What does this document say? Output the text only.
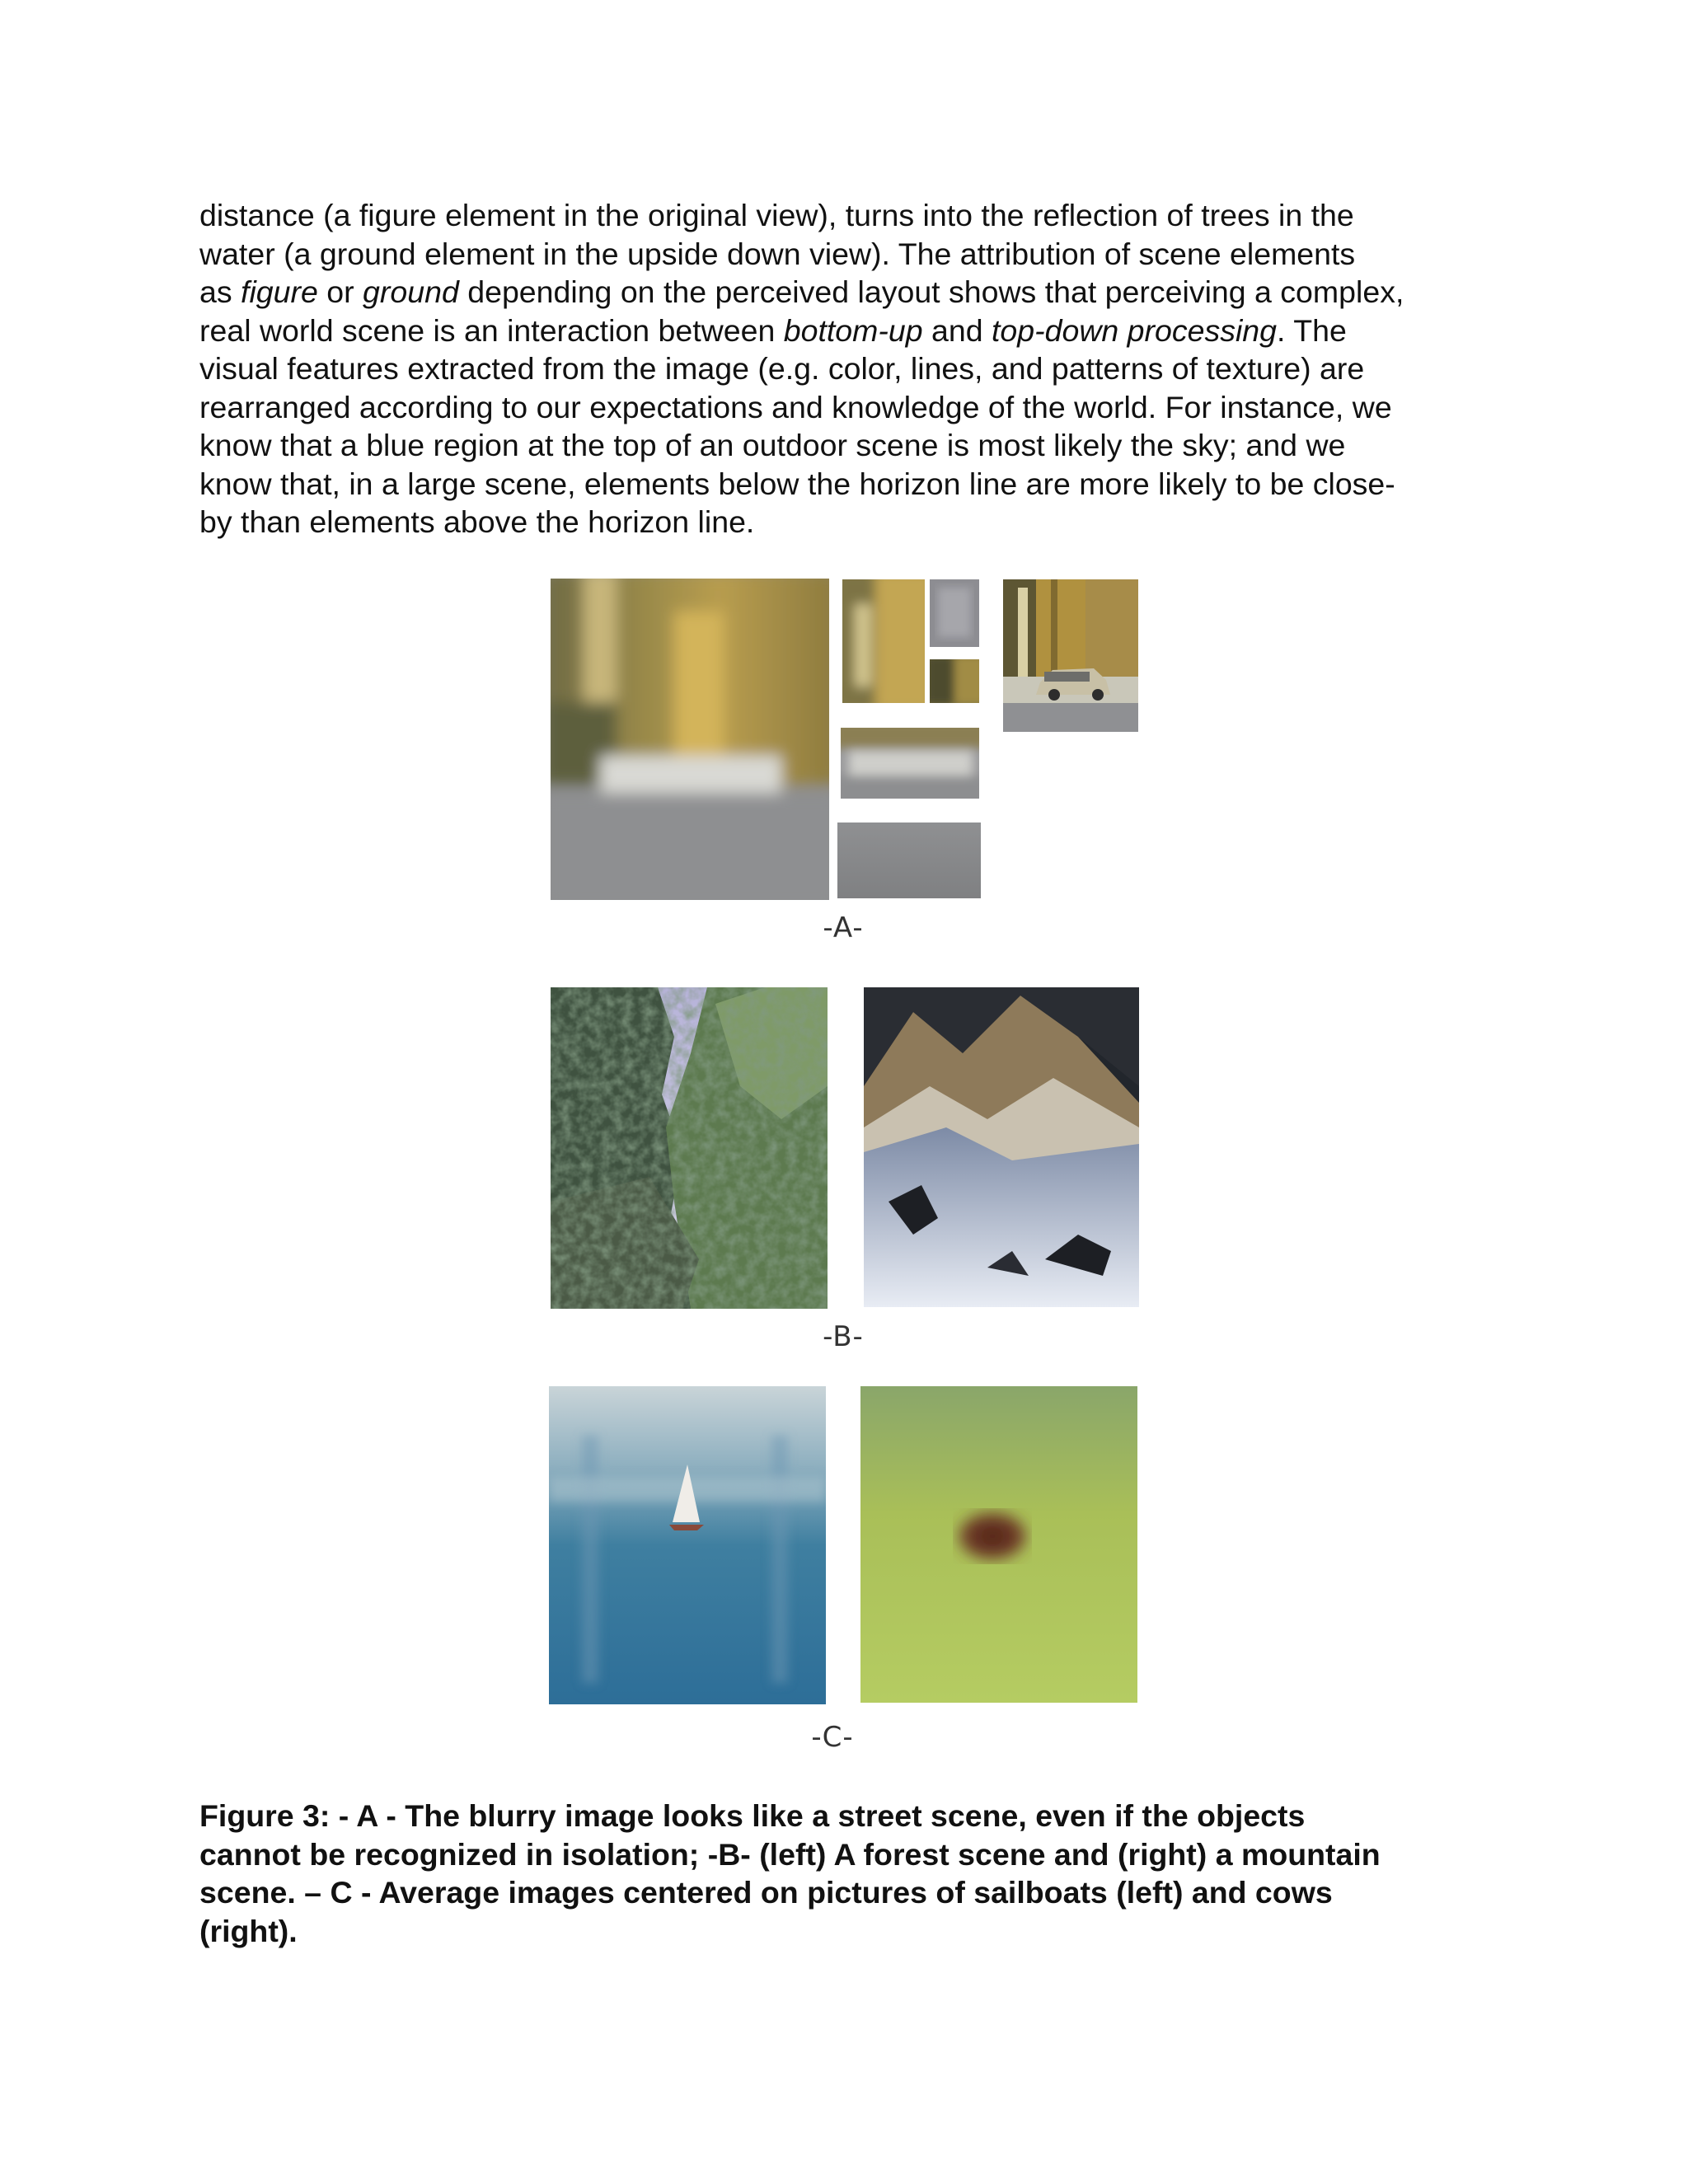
distance (a figure element in the original view), turns into the reflection of trees in the
water (a ground element in the upside down view). The attribution of scene elements
as figure or ground depending on the perceived layout shows that perceiving a complex,
real world scene is an interaction between bottom-up and top-down processing. The
visual features extracted from the image (e.g. color, lines, and patterns of texture) are
rearranged according to our expectations and knowledge of the world. For instance, we
know that a blue region at the top of an outdoor scene is most likely the sky; and we
know that, in a large scene, elements below the horizon line are more likely to be close-
by than elements above the horizon line.
-A-
-B-
-C-
Figure 3: - A - The blurry image looks like a street scene, even if the objects
cannot be recognized in isolation; -B- (left) A forest scene and (right) a mountain
scene. – C - Average images centered on pictures of sailboats (left) and cows
(right).
